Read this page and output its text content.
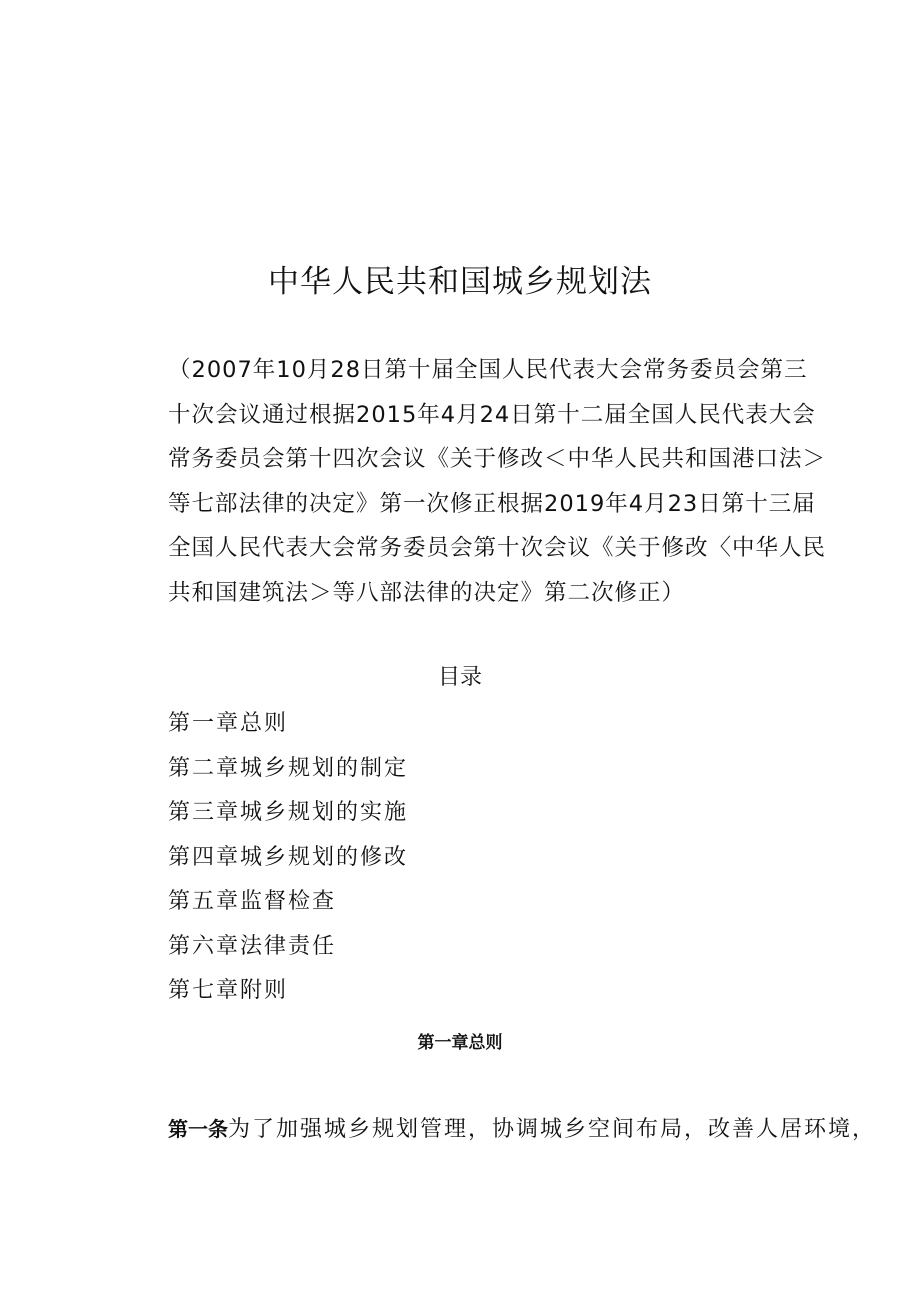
中华人民共和国城乡规划法

（2007年10月28日第十届全国人民代表大会常务委员会第三
十次会议通过根据2015年4月24日第十二届全国人民代表大会
常务委员会第十四次会议《关于修改＜中华人民共和国港口法＞
等七部法律的决定》第一次修正根据2019年4月23日第十三届
全国人民代表大会常务委员会第十次会议《关于修改〈中华人民
共和国建筑法＞等八部法律的决定》第二次修正）

目录
第一章总则
第二章城乡规划的制定
第三章城乡规划的实施
第四章城乡规划的修改
第五章监督检查
第六章法律责任
第七章附则
第一章总则

第一条为了加强城乡规划管理，协调城乡空间布局，改善人居环境，
